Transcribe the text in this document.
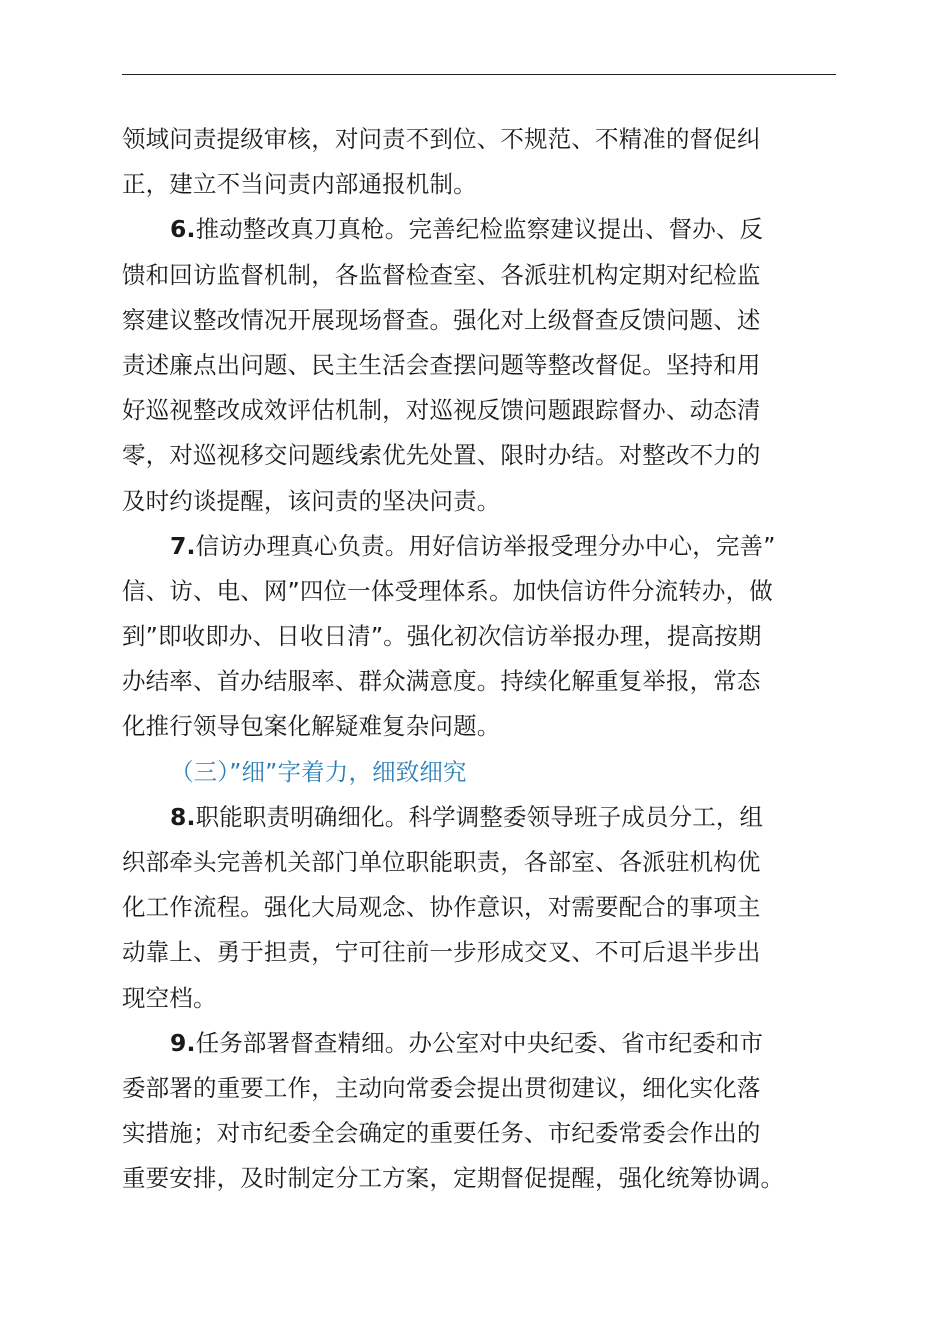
领域问责提级审核，对问责不到位、不规范、不精准的督促纠
正，建立不当问责内部通报机制。
6.推动整改真刀真枪。完善纪检监察建议提出、督办、反
馈和回访监督机制，各监督检查室、各派驻机构定期对纪检监
察建议整改情况开展现场督查。强化对上级督查反馈问题、述
责述廉点出问题、民主生活会查摆问题等整改督促。坚持和用
好巡视整改成效评估机制，对巡视反馈问题跟踪督办、动态清
零，对巡视移交问题线索优先处置、限时办结。对整改不力的
及时约谈提醒，该问责的坚决问责。
7.信访办理真心负责。用好信访举报受理分办中心，完善”
信、访、电、网”四位一体受理体系。加快信访件分流转办，做
到”即收即办、日收日清”。强化初次信访举报办理，提高按期
办结率、首办结服率、群众满意度。持续化解重复举报，常态
化推行领导包案化解疑难复杂问题。
（三）”细”字着力，细致细究
8.职能职责明确细化。科学调整委领导班子成员分工，组
织部牵头完善机关部门单位职能职责，各部室、各派驻机构优
化工作流程。强化大局观念、协作意识，对需要配合的事项主
动靠上、勇于担责，宁可往前一步形成交叉、不可后退半步出
现空档。
9.任务部署督查精细。办公室对中央纪委、省市纪委和市
委部署的重要工作，主动向常委会提出贯彻建议，细化实化落
实措施；对市纪委全会确定的重要任务、市纪委常委会作出的
重要安排，及时制定分工方案，定期督促提醒，强化统筹协调。
